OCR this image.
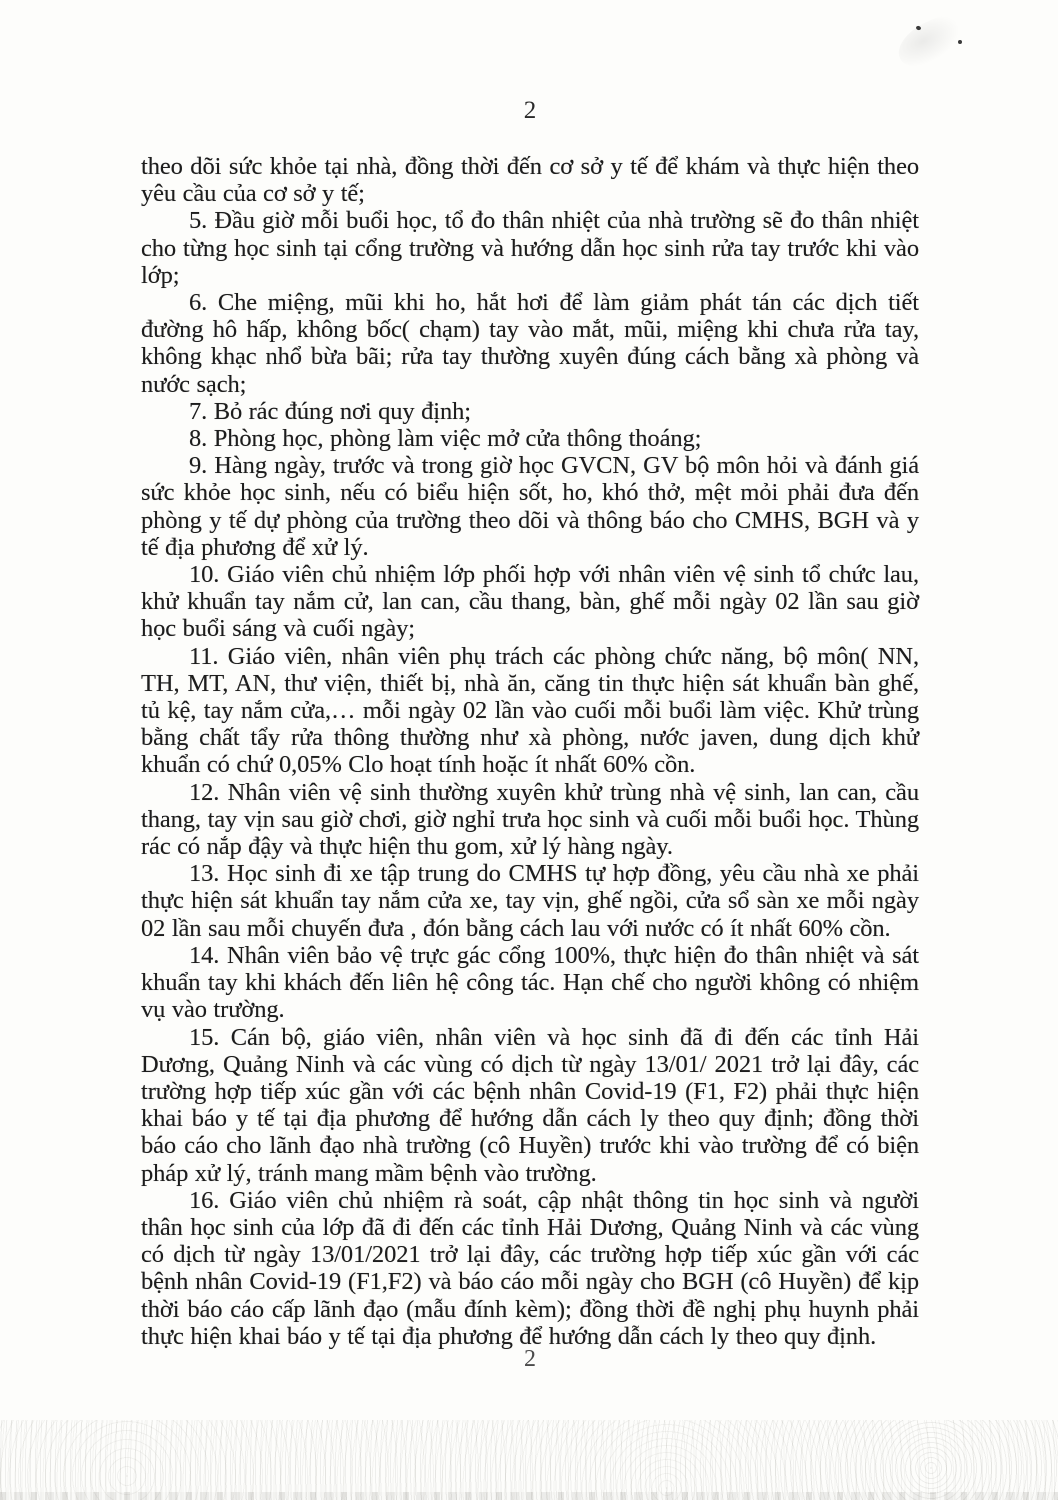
2

theo dõi sức khỏe tại nhà, đồng thời đến cơ sở y tế để khám và thực hiện theo yêu cầu của cơ sở y tế;

5. Đầu giờ mỗi buổi học, tổ đo thân nhiệt của nhà trường sẽ đo thân nhiệt cho từng học sinh tại cổng trường và hướng dẫn học sinh rửa tay trước khi vào lớp;

6. Che miệng, mũi khi ho, hắt hơi để làm giảm phát tán các dịch tiết đường hô hấp, không bốc( chạm) tay vào mắt, mũi, miệng khi chưa rửa tay, không khạc nhổ bừa bãi; rửa tay thường xuyên đúng cách bằng xà phòng và nước sạch;

7. Bỏ rác đúng nơi quy định;

8. Phòng học, phòng làm việc mở cửa thông thoáng;

9. Hàng ngày, trước và trong giờ học GVCN, GV bộ môn hỏi và đánh giá sức khỏe học sinh, nếu có biểu hiện sốt, ho, khó thở, mệt mỏi phải đưa đến phòng y tế dự phòng của trường theo dõi và thông báo cho CMHS, BGH và y tế địa phương để xử lý.

10. Giáo viên chủ nhiệm lớp phối hợp với nhân viên vệ sinh tổ chức lau, khử khuẩn tay nắm cử, lan can, cầu thang, bàn, ghế mỗi ngày 02 lần sau giờ học buổi sáng và cuối ngày;

11. Giáo viên, nhân viên phụ trách các phòng chức năng, bộ môn( NN, TH, MT, AN, thư viện, thiết bị, nhà ăn, căng tin thực hiện sát khuẩn bàn ghế, tủ kệ, tay nắm cửa,… mỗi ngày 02 lần vào cuối mỗi buổi làm việc. Khử trùng bằng chất tẩy rửa thông thường như xà phòng, nước javen, dung dịch khử khuẩn có chứ 0,05% Clo hoạt tính hoặc ít nhất 60% cồn.

12. Nhân viên vệ sinh thường xuyên khử trùng nhà vệ sinh, lan can, cầu thang, tay vịn sau giờ chơi, giờ nghỉ trưa học sinh và cuối mỗi buổi học. Thùng rác có nắp đậy và thực hiện thu gom, xử lý hàng ngày.

13. Học sinh đi xe tập trung do CMHS tự hợp đồng, yêu cầu nhà xe phải thực hiện sát khuẩn tay nắm cửa xe, tay vịn, ghế ngồi, cửa sổ sàn xe mỗi ngày 02 lần sau mỗi chuyến đưa , đón bằng cách lau với nước có ít nhất 60% cồn.

14. Nhân viên bảo vệ trực gác cổng 100%, thực hiện đo thân nhiệt và sát khuẩn tay khi khách đến liên hệ công tác. Hạn chế cho người không có nhiệm vụ vào trường.

15. Cán bộ, giáo viên, nhân viên và học sinh đã đi đến các tỉnh Hải Dương, Quảng Ninh và các vùng có dịch từ ngày 13/01/ 2021 trở lại đây, các trường hợp tiếp xúc gần với các bệnh nhân Covid-19 (F1, F2) phải thực hiện khai báo y tế tại địa phương để hướng dẫn cách ly theo quy định; đồng thời báo cáo cho lãnh đạo nhà trường (cô Huyền) trước khi vào trường để có biện pháp xử lý, tránh mang mầm bệnh vào trường.

16. Giáo viên chủ nhiệm rà soát, cập nhật thông tin học sinh và người thân học sinh của lớp đã đi đến các tỉnh Hải Dương, Quảng Ninh và các vùng có dịch từ ngày 13/01/2021 trở lại đây, các trường hợp tiếp xúc gần với các bệnh nhân Covid-19 (F1,F2) và báo cáo mỗi ngày cho BGH (cô Huyền) để kịp thời báo cáo cấp lãnh đạo (mẫu đính kèm); đồng thời đề nghị phụ huynh phải thực hiện khai báo y tế tại địa phương để hướng dẫn cách ly theo quy định.

2
